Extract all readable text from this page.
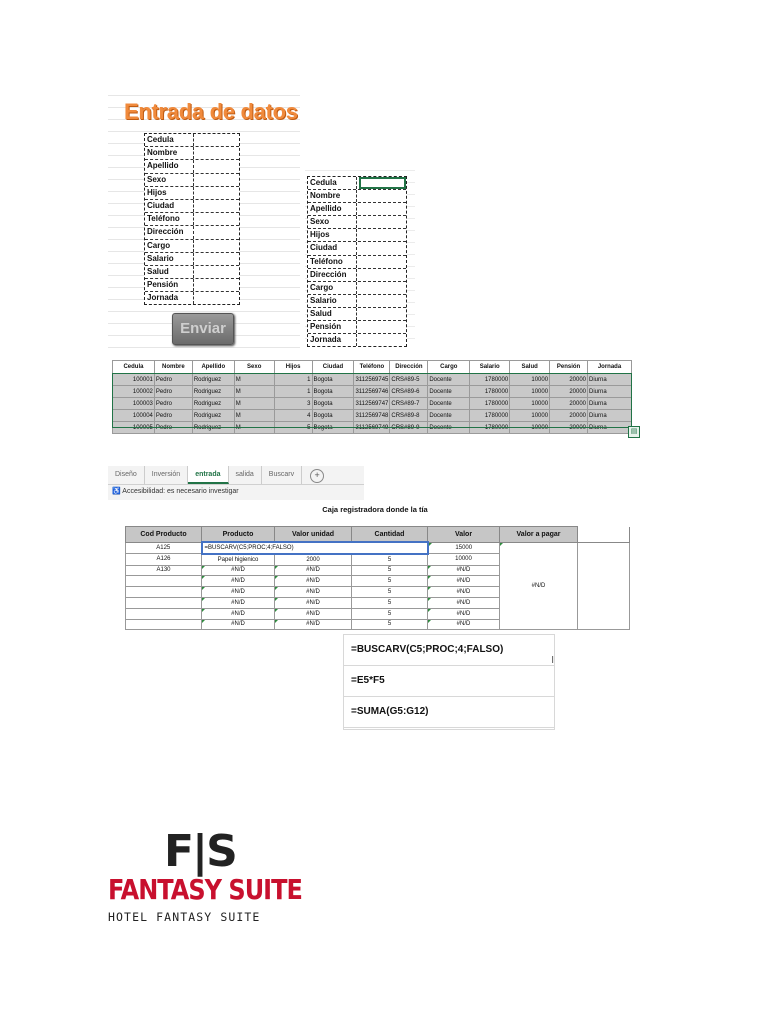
Entrada de datos
Cedula
Nombre
Apellido
Sexo
Hijos
Ciudad
Teléfono
Dirección
Cargo
Salario
Salud
Pensión
Jornada
Enviar
Cedula
Nombre
Apellido
Sexo
Hijos
Ciudad
Teléfono
Dirección
Cargo
Salario
Salud
Pensión
Jornada
Cedula	Nombre	Apellido	Sexo	Hijos	Ciudad	Teléfono	Dirección	Cargo	Salario	Salud	Pensión	Jornada
100001	Pedro	Rodriguez	M	1	Bogota	3112569745	CRS#89-5	Docente	1780000	10000	20000	Diurna
100002	Pedro	Rodriguez	M	1	Bogota	3112569746	CRS#89-6	Docente	1780000	10000	20000	Diurna
100003	Pedro	Rodriguez	M	3	Bogota	3112569747	CRS#89-7	Docente	1780000	10000	20000	Diurna
100004	Pedro	Rodriguez	M	4	Bogota	3112569748	CRS#89-8	Docente	1780000	10000	20000	Diurna
100005	Pedro	Rodriguez	M	5	Bogota	3112569749	CRS#89-9	Docente	1780000	10000	20000	Diurna
▤
Diseño	Inversión	entrada	salida	Buscarv	+
♿ Accesibilidad: es necesario investigar
Caja registradora donde la tía
Cod Producto	Producto	Valor unidad	Cantidad	Valor	Valor a pagar	
A125	=BUSCARV(C5;PROC;4;FALSO)			15000	#N/D	
A126	Papel higienico	2000	5	10000		
A130	#N/D	#N/D	5	#N/D		
	#N/D	#N/D	5	#N/D		
	#N/D	#N/D	5	#N/D		
	#N/D	#N/D	5	#N/D		
	#N/D	#N/D	5	#N/D		
	#N/D	#N/D	5	#N/D		
=BUSCARV(C5;PROC;4;FALSO)
=E5*F5
=SUMA(G5:G12)
I
F|S
FANTASY SUITE
HOTEL FANTASY SUITE
